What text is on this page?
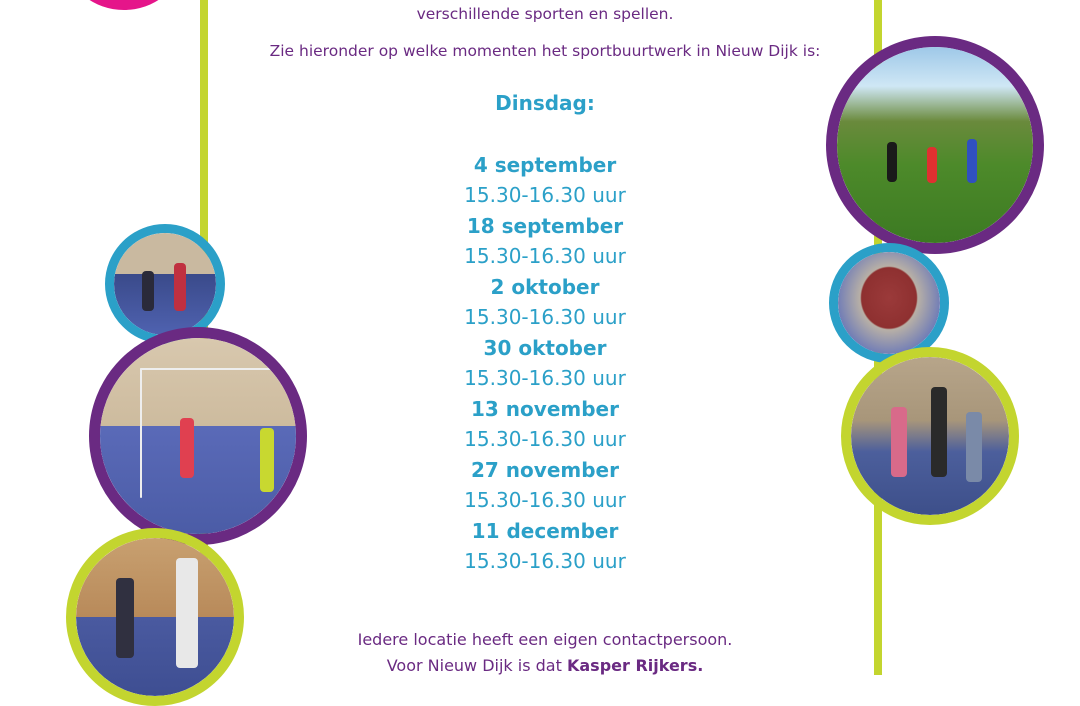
verschillende sporten en spellen.
Zie hieronder op welke momenten het sportbuurtwerk in Nieuw Dijk is:
Dinsdag:
4 september
15.30-16.30 uur
18 september
15.30-16.30 uur
2 oktober
15.30-16.30 uur
30 oktober
15.30-16.30 uur
13 november
15.30-16.30 uur
27 november
15.30-16.30 uur
11 december
15.30-16.30 uur
Iedere locatie heeft een eigen contactpersoon.
Voor Nieuw Dijk is dat Kasper Rijkers.
